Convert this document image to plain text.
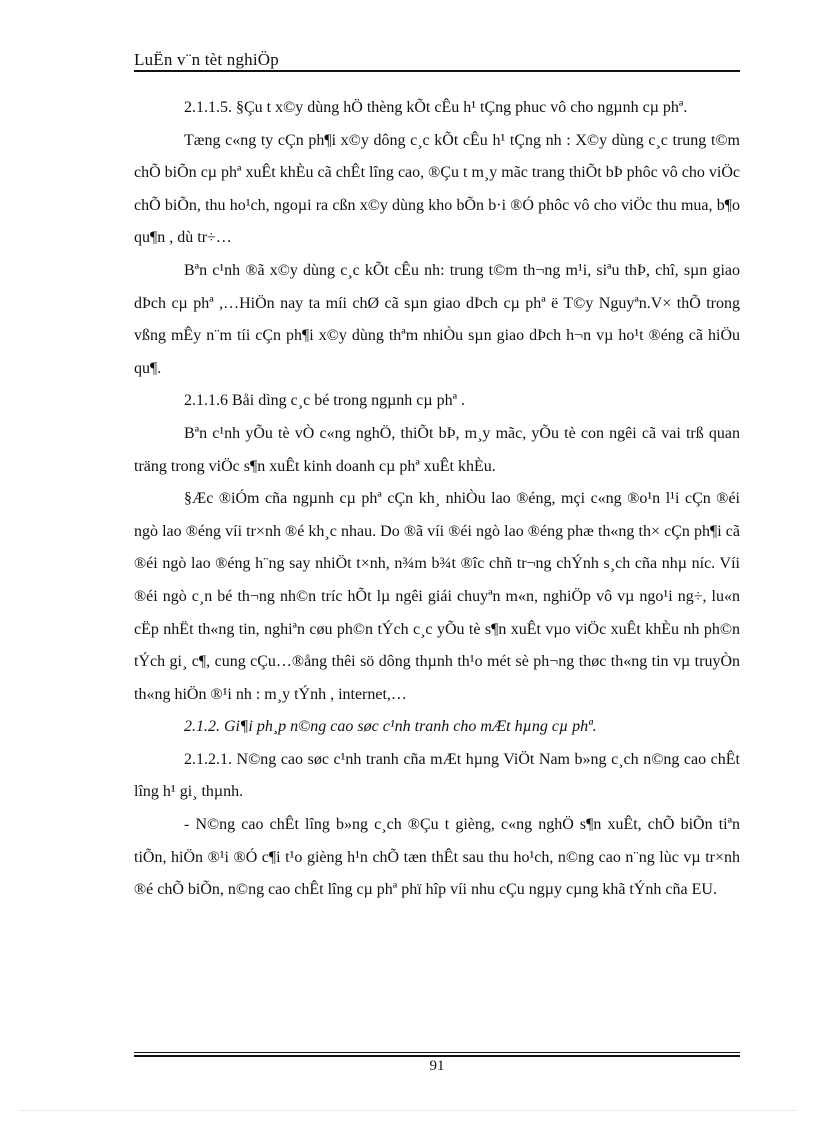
LuËn v¨n tèt nghiÖp

2.1.1.5. §Çu t x©y dùng hÖ thèng kÕt cÊu h¹ tÇng phuc vô cho ngµnh cµ phª.

Tæng c«ng ty cÇn ph¶i x©y dông c¸c kÕt cÊu h¹ tÇng nh : X©y dùng c¸c trung t©m chÕ biÕn cµ phª xuÊt khÈu cã chÊt lîng cao, ®Çu t m¸y mãc trang thiÕt bÞ phôc vô cho viÖc chÕ biÕn, thu ho¹ch, ngoµi ra cßn x©y dùng kho bÕn b·i ®Ó phôc vô cho viÖc thu mua, b¶o qu¶n , dù tr÷…

Bªn c¹nh ®ã x©y dùng c¸c kÕt cÊu nh: trung t©m th¬ng m¹i, siªu thÞ, chî, sµn giao dÞch cµ phª ,…HiÖn nay ta míi chØ cã sµn giao dÞch cµ phª ë T©y Nguyªn.V× thÕ trong vßng mÊy n¨m tíi cÇn ph¶i x©y dùng thªm nhiÒu sµn giao dÞch h¬n vµ ho¹t ®éng cã hiÖu qu¶.

2.1.1.6 Båi dìng c¸c bé trong ngµnh cµ phª .

Bªn c¹nh yÕu tè vÒ c«ng nghÖ, thiÕt bÞ, m¸y mãc, yÕu tè con ngêi cã vai trß quan träng trong viÖc s¶n xuÊt kinh doanh cµ phª xuÊt khÈu.

§Æc ®iÓm cña ngµnh cµ phª cÇn kh¸ nhiÒu lao ®éng, mçi c«ng ®o¹n l¹i cÇn ®éi ngò lao ®éng víi tr×nh ®é kh¸c nhau. Do ®ã víi ®éi ngò lao ®éng phæ th«ng th× cÇn ph¶i cã ®éi ngò lao ®éng h¨ng say nhiÖt t×nh, n¾m b¾t ®îc chñ tr¬ng chÝnh s¸ch cña nhµ níc. Víi ®éi ngò c¸n bé th¬ng nh©n tríc hÕt lµ ngêi giái chuyªn m«n, nghiÖp vô vµ ngo¹i ng÷, lu«n cËp nhËt th«ng tin, nghiªn cøu ph©n tÝch c¸c yÕu tè s¶n xuÊt vµo viÖc xuÊt khÈu nh ph©n tÝch gi¸ c¶, cung cÇu…®ång thêi sö dông thµnh th¹o mét sè ph¬ng thøc th«ng tin vµ truyÒn th«ng hiÖn ®¹i nh : m¸y tÝnh , internet,…

2.1.2. Gi¶i ph¸p n©ng cao søc c¹nh tranh cho mÆt hµng cµ phª.

2.1.2.1. N©ng cao søc c¹nh tranh cña mÆt hµng ViÖt Nam b»ng c¸ch n©ng cao chÊt lîng h¹ gi¸ thµnh.

- N©ng cao chÊt lîng b»ng c¸ch ®Çu t gièng, c«ng nghÖ s¶n xuÊt, chÕ biÕn tiªn tiÕn, hiÖn ®¹i ®Ó c¶i t¹o gièng h¹n chÕ tæn thÊt sau thu ho¹ch, n©ng cao n¨ng lùc vµ tr×nh ®é chÕ biÕn, n©ng cao chÊt lîng cµ phª phï hîp víi nhu cÇu ngµy cµng khã tÝnh cña EU.

91
